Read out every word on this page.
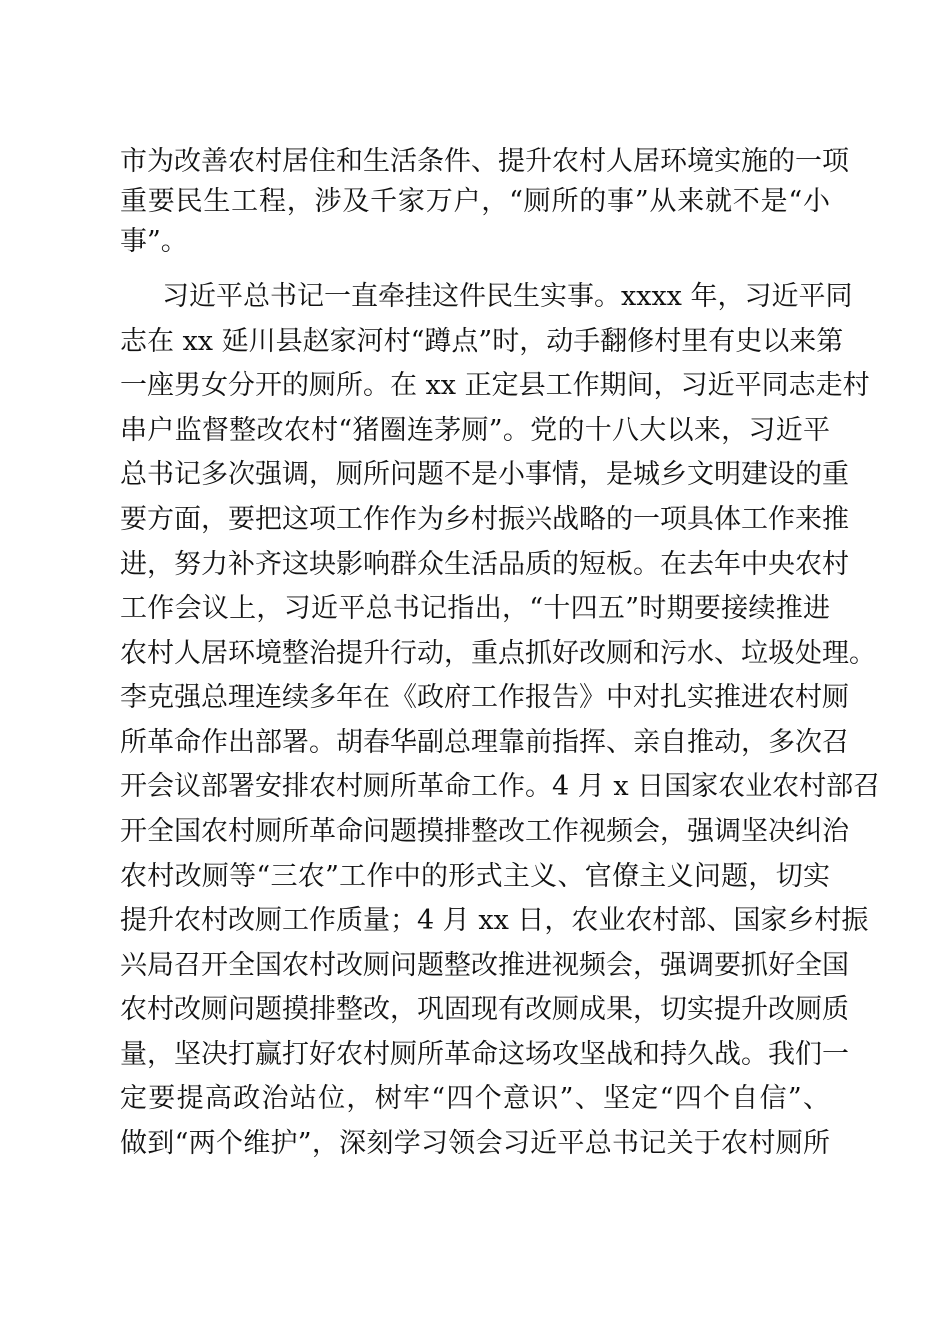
市为改善农村居住和生活条件、提升农村人居环境实施的一项
重要民生工程，涉及千家万户，“厕所的事”从来就不是“小
事”。
习近平总书记一直牵挂这件民生实事。xxxx 年，习近平同
志在 xx 延川县赵家河村“蹲点”时，动手翻修村里有史以来第
一座男女分开的厕所。在 xx 正定县工作期间，习近平同志走村
串户监督整改农村“猪圈连茅厕”。党的十八大以来，习近平
总书记多次强调，厕所问题不是小事情，是城乡文明建设的重
要方面，要把这项工作作为乡村振兴战略的一项具体工作来推
进，努力补齐这块影响群众生活品质的短板。在去年中央农村
工作会议上，习近平总书记指出，“十四五”时期要接续推进
农村人居环境整治提升行动，重点抓好改厕和污水、垃圾处理。
李克强总理连续多年在《政府工作报告》中对扎实推进农村厕
所革命作出部署。胡春华副总理靠前指挥、亲自推动，多次召
开会议部署安排农村厕所革命工作。4 月 x 日国家农业农村部召
开全国农村厕所革命问题摸排整改工作视频会，强调坚决纠治
农村改厕等“三农”工作中的形式主义、官僚主义问题，切实
提升农村改厕工作质量；4 月 xx 日，农业农村部、国家乡村振
兴局召开全国农村改厕问题整改推进视频会，强调要抓好全国
农村改厕问题摸排整改，巩固现有改厕成果，切实提升改厕质
量，坚决打赢打好农村厕所革命这场攻坚战和持久战。我们一
定要提高政治站位，树牢“四个意识”、坚定“四个自信”、
做到“两个维护”，深刻学习领会习近平总书记关于农村厕所
